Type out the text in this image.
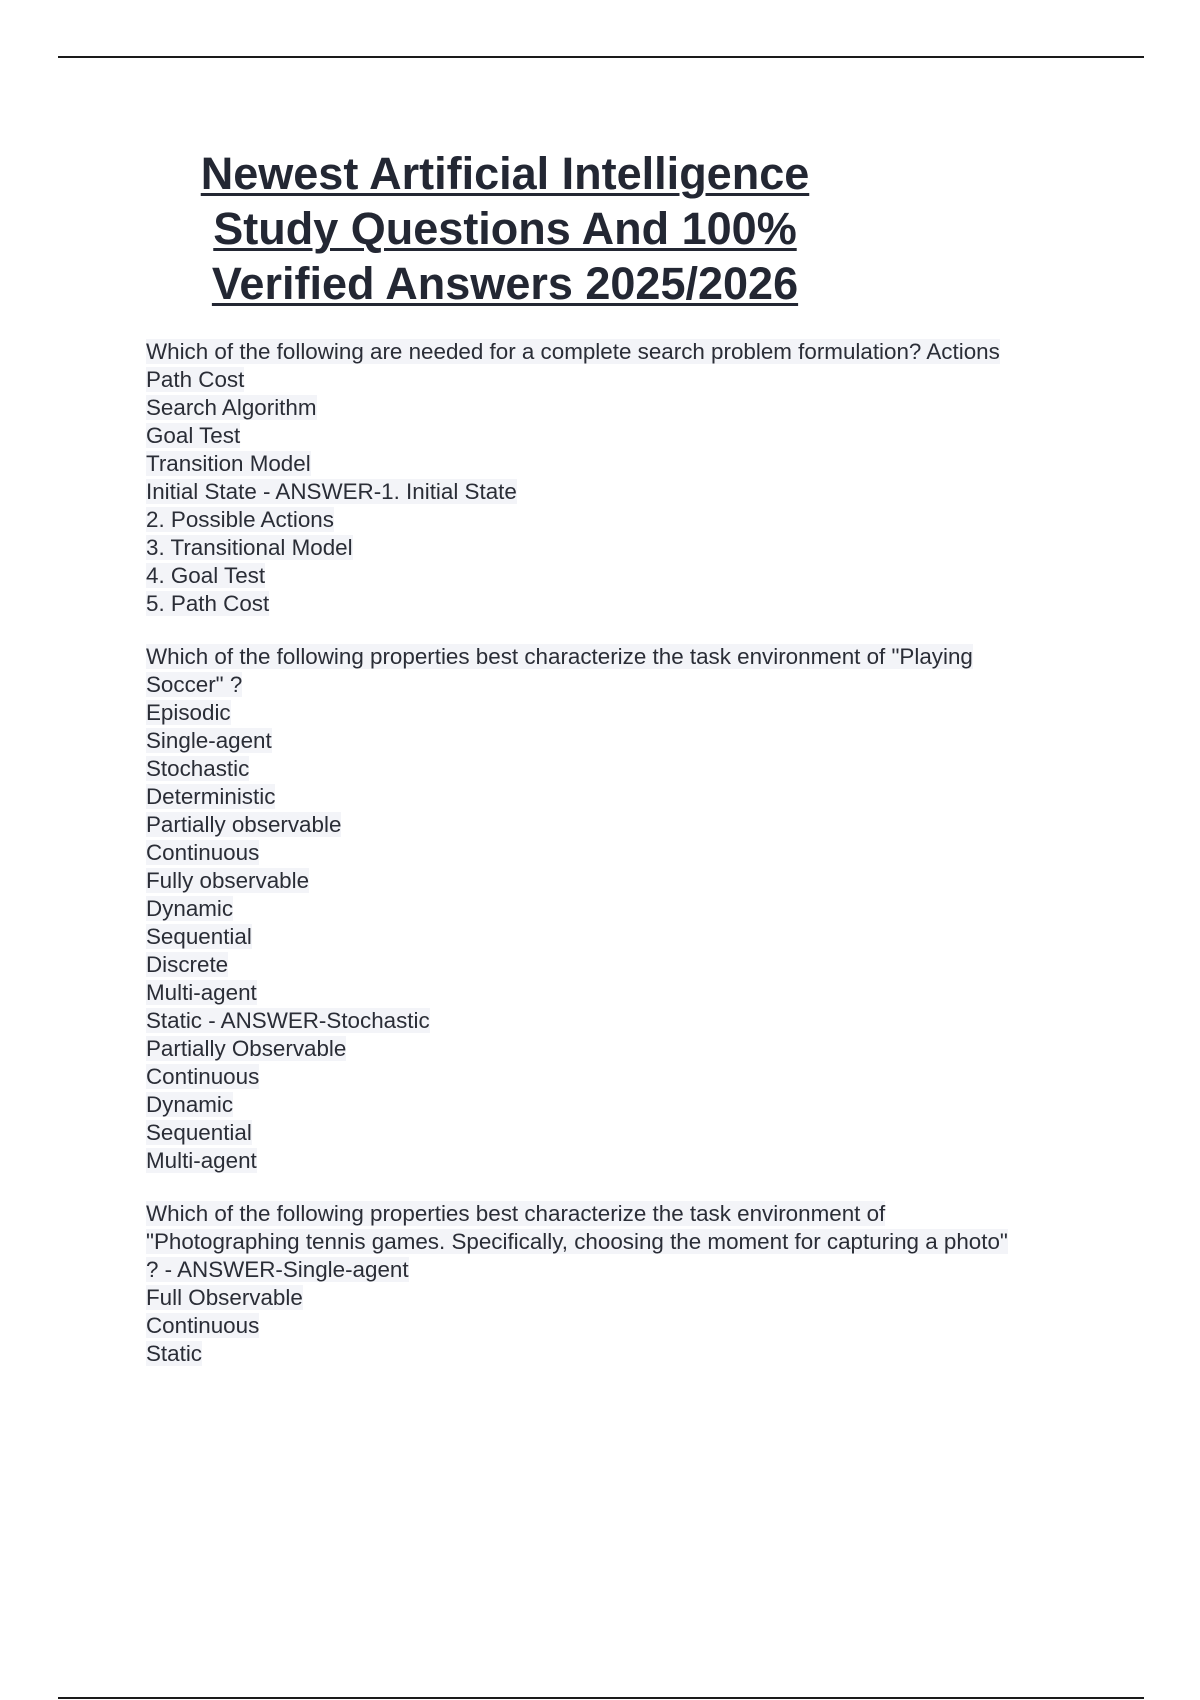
Newest Artificial Intelligence
Study Questions And 100%
Verified Answers 2025/2026
Which of the following are needed for a complete search problem formulation? Actions
Path Cost
Search Algorithm
Goal Test
Transition Model
Initial State - ANSWER-1. Initial State
2. Possible Actions
3. Transitional Model
4. Goal Test
5. Path Cost
Which of the following properties best characterize the task environment of "Playing
Soccer" ?
Episodic
Single-agent
Stochastic
Deterministic
Partially observable
Continuous
Fully observable
Dynamic
Sequential
Discrete
Multi-agent
Static - ANSWER-Stochastic
Partially Observable
Continuous
Dynamic
Sequential
Multi-agent
Which of the following properties best characterize the task environment of
"Photographing tennis games. Specifically, choosing the moment for capturing a photo"
? - ANSWER-Single-agent
Full Observable
Continuous
Static
